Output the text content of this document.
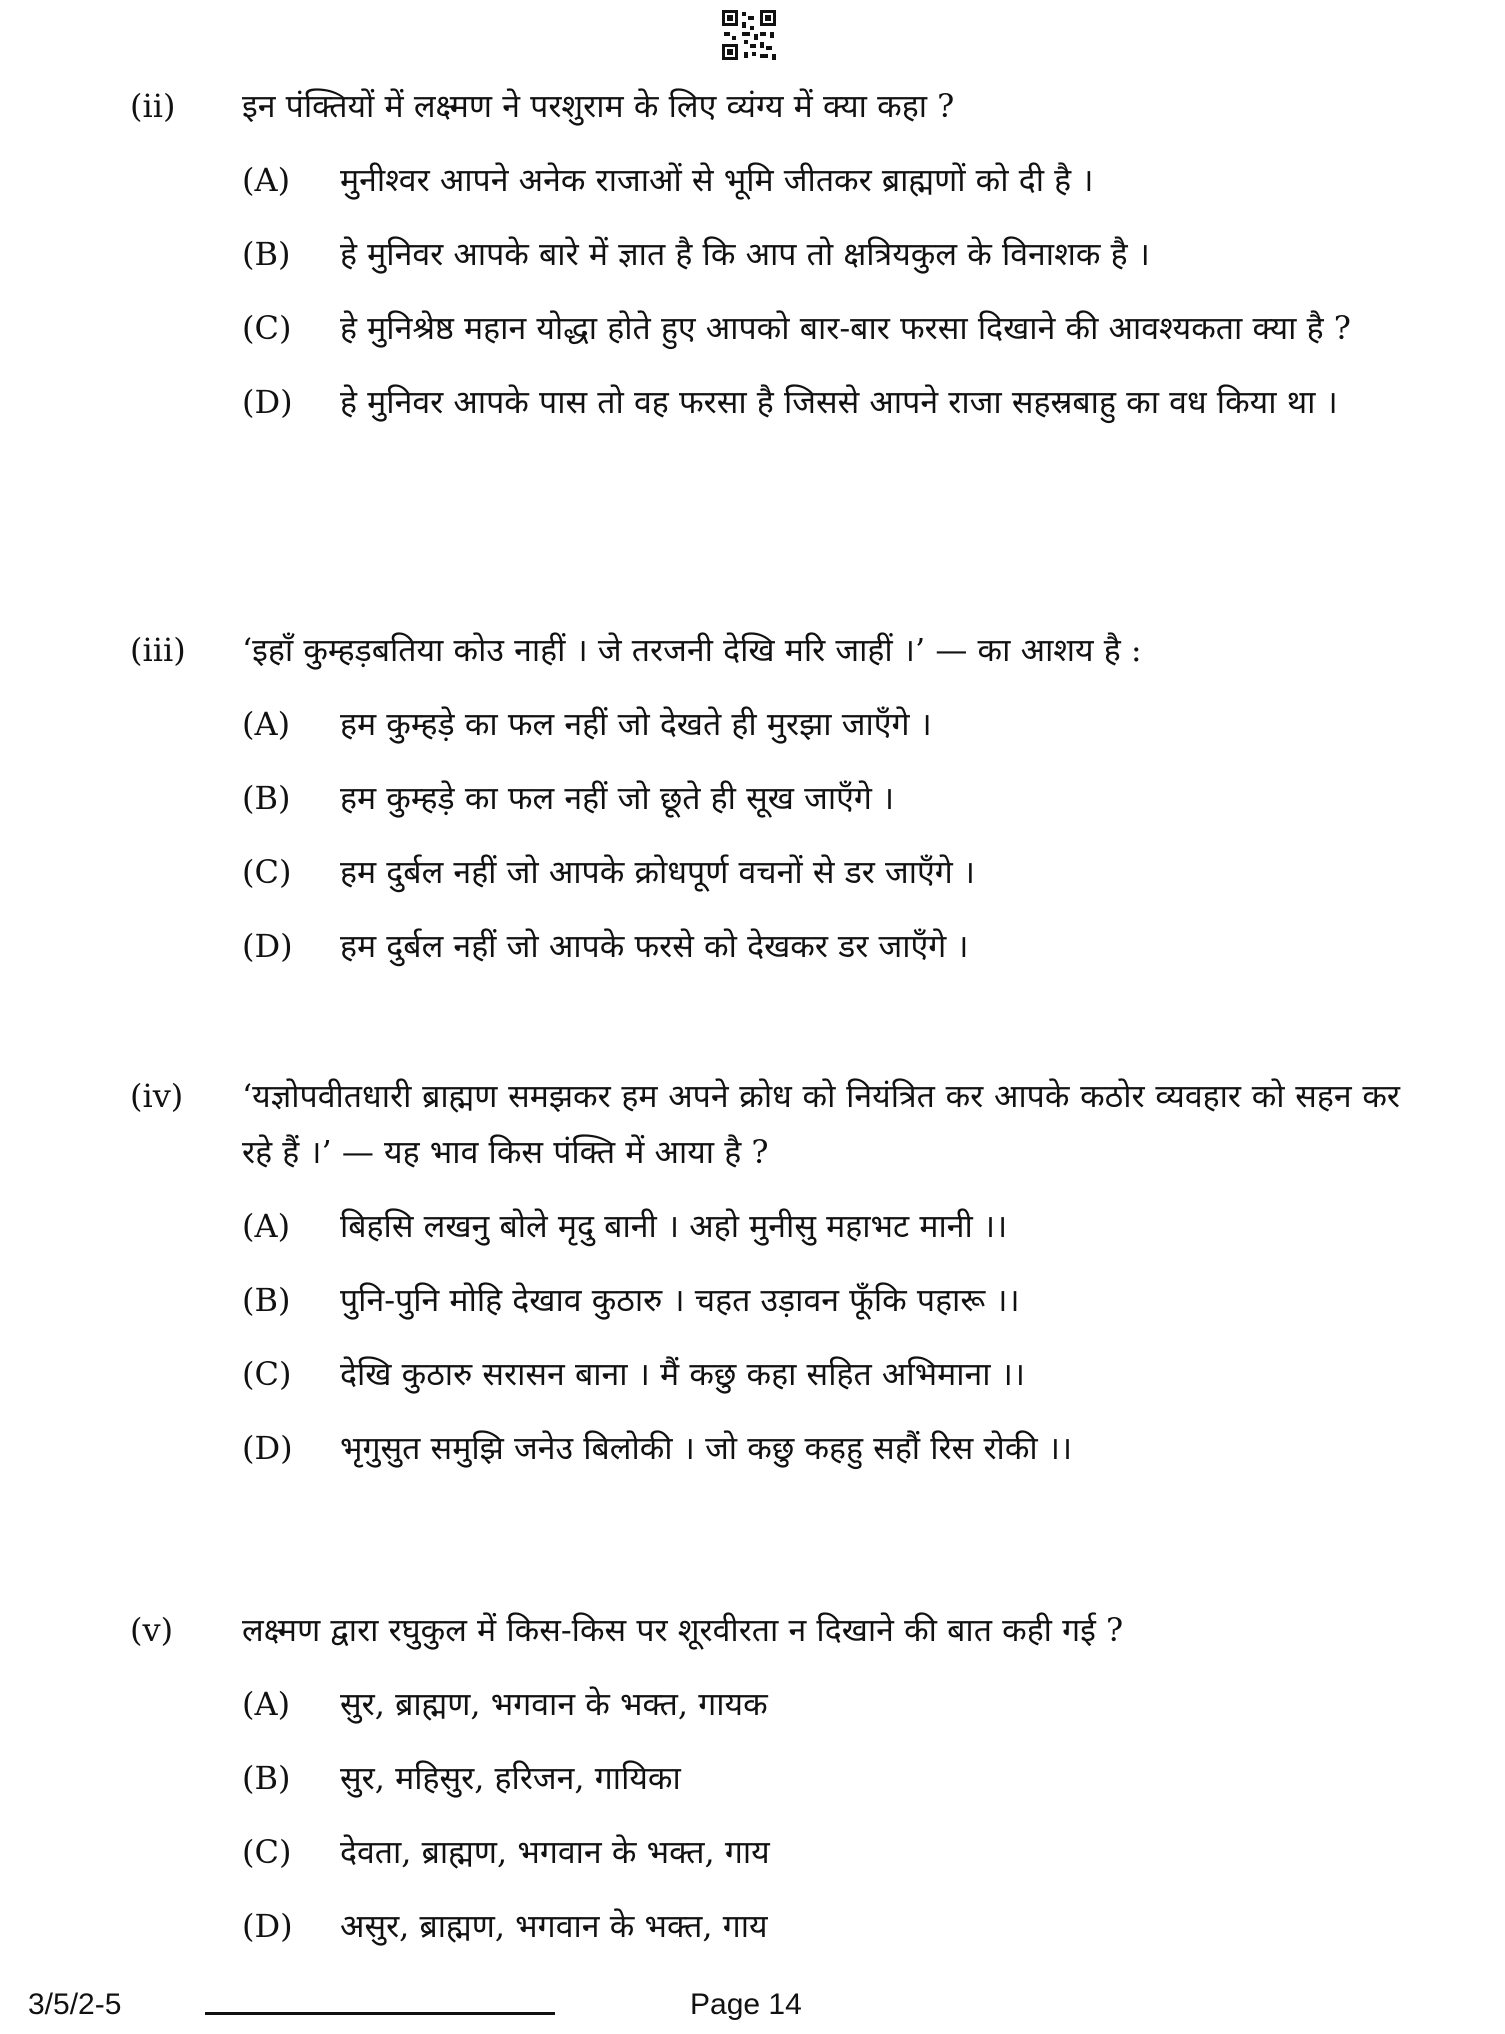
(ii) इन पंक्तियों में लक्ष्मण ने परशुराम के लिए व्यंग्य में क्या कहा ?
(A) मुनीश्वर आपने अनेक राजाओं से भूमि जीतकर ब्राह्मणों को दी है ।
(B) हे मुनिवर आपके बारे में ज्ञात है कि आप तो क्षत्रियकुल के विनाशक है ।
(C) हे मुनिश्रेष्ठ महान योद्धा होते हुए आपको बार-बार फरसा दिखाने की आवश्यकता क्या है ?
(D) हे मुनिवर आपके पास तो वह फरसा है जिससे आपने राजा सहस्रबाहु का वध किया था ।
(iii) ‘इहाँ कुम्हड़बतिया कोउ नाहीं । जे तरजनी देखि मरि जाहीं ।’ — का आशय है :
(A) हम कुम्हड़े का फल नहीं जो देखते ही मुरझा जाएँगे ।
(B) हम कुम्हड़े का फल नहीं जो छूते ही सूख जाएँगे ।
(C) हम दुर्बल नहीं जो आपके क्रोधपूर्ण वचनों से डर जाएँगे ।
(D) हम दुर्बल नहीं जो आपके फरसे को देखकर डर जाएँगे ।
(iv) ‘यज्ञोपवीतधारी ब्राह्मण समझकर हम अपने क्रोध को नियंत्रित कर आपके कठोर व्यवहार को सहन कर रहे हैं ।’ — यह भाव किस पंक्ति में आया है ?
(A) बिहसि लखनु बोले मृदु बानी । अहो मुनीसु महाभट मानी ।।
(B) पुनि-पुनि मोहि देखाव कुठारु । चहत उड़ावन फूँकि पहारू ।।
(C) देखि कुठारु सरासन बाना । मैं कछु कहा सहित अभिमाना ।।
(D) भृगुसुत समुझि जनेउ बिलोकी । जो कछु कहहु सहौं रिस रोकी ।।
(v) लक्ष्मण द्वारा रघुकुल में किस-किस पर शूरवीरता न दिखाने की बात कही गई ?
(A) सुर, ब्राह्मण, भगवान के भक्त, गायक
(B) सुर, महिसुर, हरिजन, गायिका
(C) देवता, ब्राह्मण, भगवान के भक्त, गाय
(D) असुर, ब्राह्मण, भगवान के भक्त, गाय
3/5/2-5	Page 14
